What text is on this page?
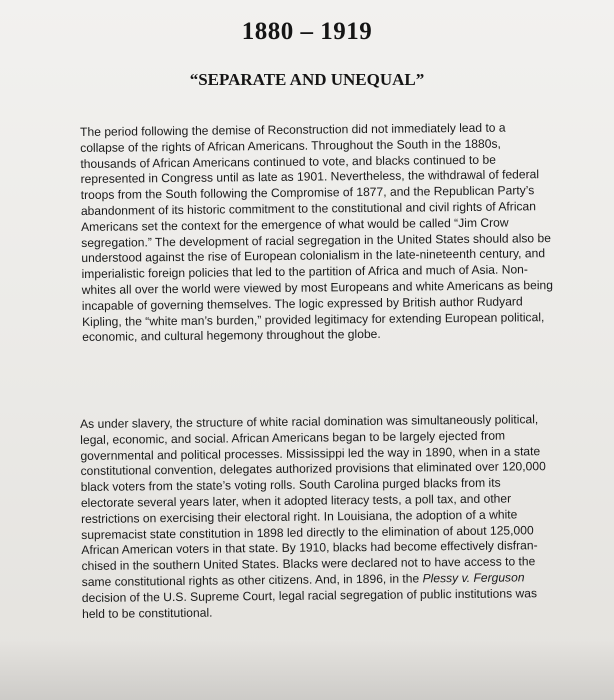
1880 – 1919
“SEPARATE AND UNEQUAL”
The period following the demise of Reconstruction did not immediately lead to a
collapse of the rights of African Americans. Throughout the South in the 1880s,
thousands of African Americans continued to vote, and blacks continued to be
represented in Congress until as late as 1901. Nevertheless, the withdrawal of federal
troops from the South following the Compromise of 1877, and the Republican Party’s
abandonment of its historic commitment to the constitutional and civil rights of African
Americans set the context for the emergence of what would be called “Jim Crow
segregation.” The development of racial segregation in the United States should also be
understood against the rise of European colonialism in the late-nineteenth century, and
imperialistic foreign policies that led to the partition of Africa and much of Asia. Non-
whites all over the world were viewed by most Europeans and white Americans as being
incapable of governing themselves. The logic expressed by British author Rudyard
Kipling, the “white man’s burden,” provided legitimacy for extending European political,
economic, and cultural hegemony throughout the globe.
As under slavery, the structure of white racial domination was simultaneously political,
legal, economic, and social. African Americans began to be largely ejected from
governmental and political processes. Mississippi led the way in 1890, when in a state
constitutional convention, delegates authorized provisions that eliminated over 120,000
black voters from the state’s voting rolls. South Carolina purged blacks from its
electorate several years later, when it adopted literacy tests, a poll tax, and other
restrictions on exercising their electoral right. In Louisiana, the adoption of a white
supremacist state constitution in 1898 led directly to the elimination of about 125,000
African American voters in that state. By 1910, blacks had become effectively disfran-
chised in the southern United States. Blacks were declared not to have access to the
same constitutional rights as other citizens. And, in 1896, in the Plessy v. Ferguson
decision of the U.S. Supreme Court, legal racial segregation of public institutions was
held to be constitutional.
